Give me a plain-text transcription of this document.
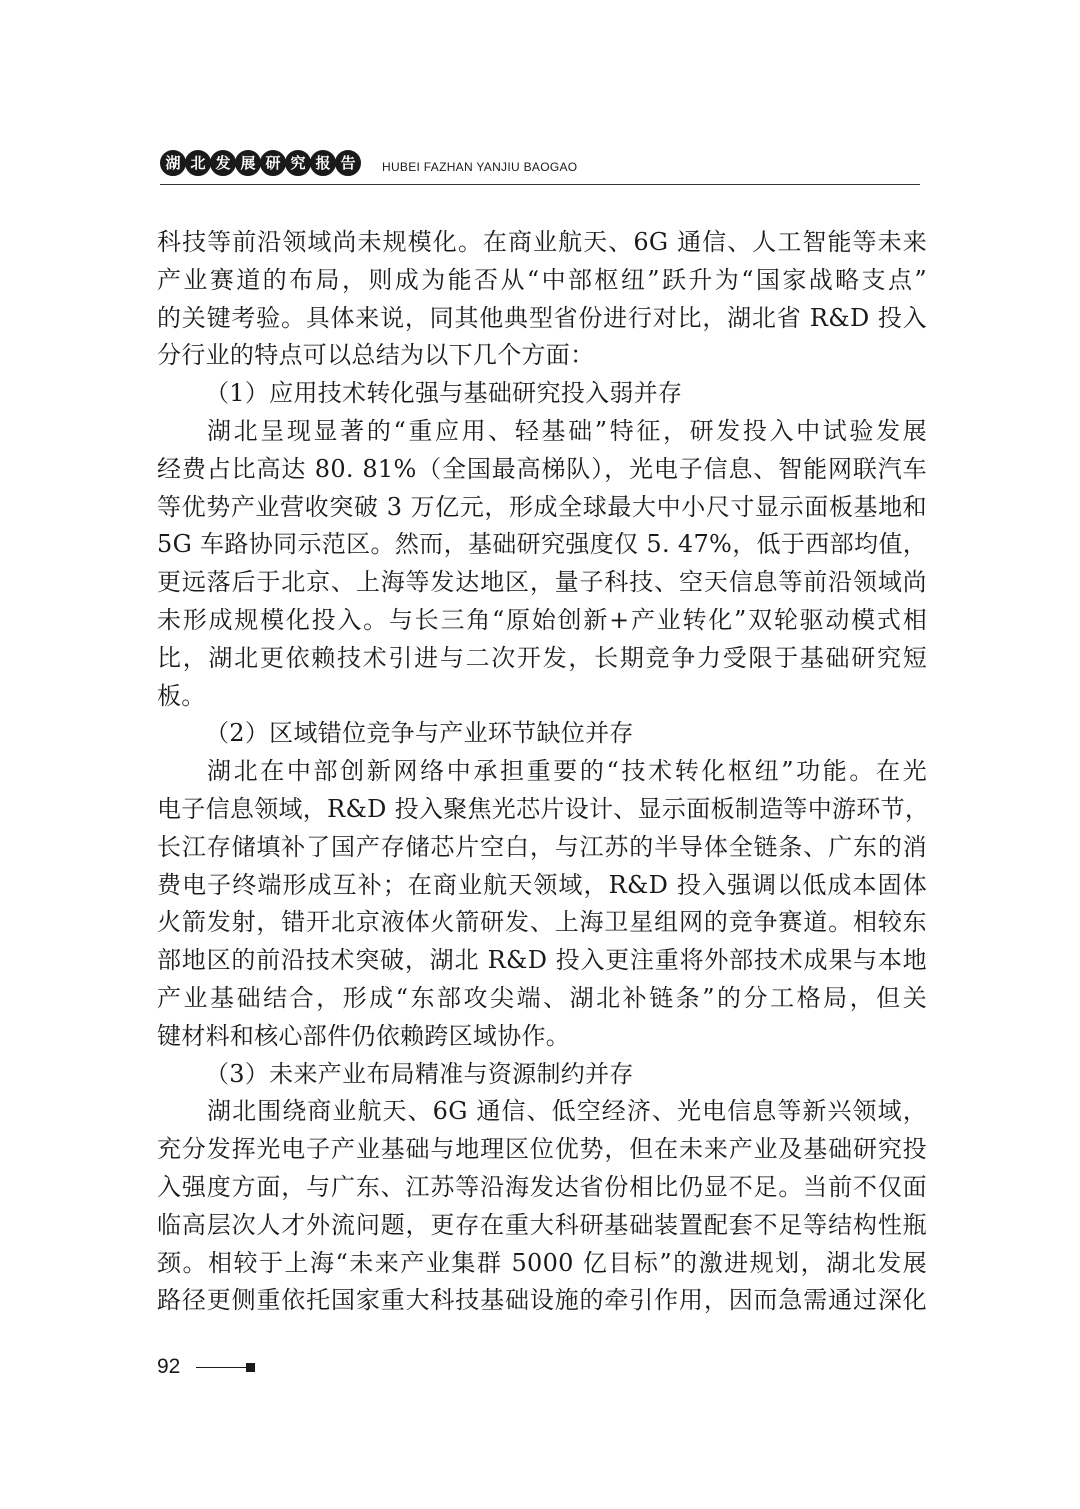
湖 北 发 展 研 究 报 告	HUBEI FAZHAN YANJIU BAOGAO
科技等前沿领域尚未规模化。在商业航天、6G 通信、人工智能等未来
产业赛道的布局，则成为能否从“中部枢纽”跃升为“国家战略支点”
的关键考验。具体来说，同其他典型省份进行对比，湖北省 R&D 投入
分行业的特点可以总结为以下几个方面：
（1）应用技术转化强与基础研究投入弱并存
湖北呈现显著的“重应用、轻基础”特征，研发投入中试验发展
经费占比高达 80. 81%（全国最高梯队），光电子信息、智能网联汽车
等优势产业营收突破 3 万亿元，形成全球最大中小尺寸显示面板基地和
5G 车路协同示范区。然而，基础研究强度仅 5. 47%，低于西部均值，
更远落后于北京、上海等发达地区，量子科技、空天信息等前沿领域尚
未形成规模化投入。与长三角“原始创新+产业转化”双轮驱动模式相
比，湖北更依赖技术引进与二次开发，长期竞争力受限于基础研究短
板。
（2）区域错位竞争与产业环节缺位并存
湖北在中部创新网络中承担重要的“技术转化枢纽”功能。在光
电子信息领域，R&D 投入聚焦光芯片设计、显示面板制造等中游环节，
长江存储填补了国产存储芯片空白，与江苏的半导体全链条、广东的消
费电子终端形成互补；在商业航天领域，R&D 投入强调以低成本固体
火箭发射，错开北京液体火箭研发、上海卫星组网的竞争赛道。相较东
部地区的前沿技术突破，湖北 R&D 投入更注重将外部技术成果与本地
产业基础结合，形成“东部攻尖端、湖北补链条”的分工格局，但关
键材料和核心部件仍依赖跨区域协作。
（3）未来产业布局精准与资源制约并存
湖北围绕商业航天、6G 通信、低空经济、光电信息等新兴领域，
充分发挥光电子产业基础与地理区位优势，但在未来产业及基础研究投
入强度方面，与广东、江苏等沿海发达省份相比仍显不足。当前不仅面
临高层次人才外流问题，更存在重大科研基础装置配套不足等结构性瓶
颈。相较于上海“未来产业集群 5000 亿目标”的激进规划，湖北发展
路径更侧重依托国家重大科技基础设施的牵引作用，因而急需通过深化
92
